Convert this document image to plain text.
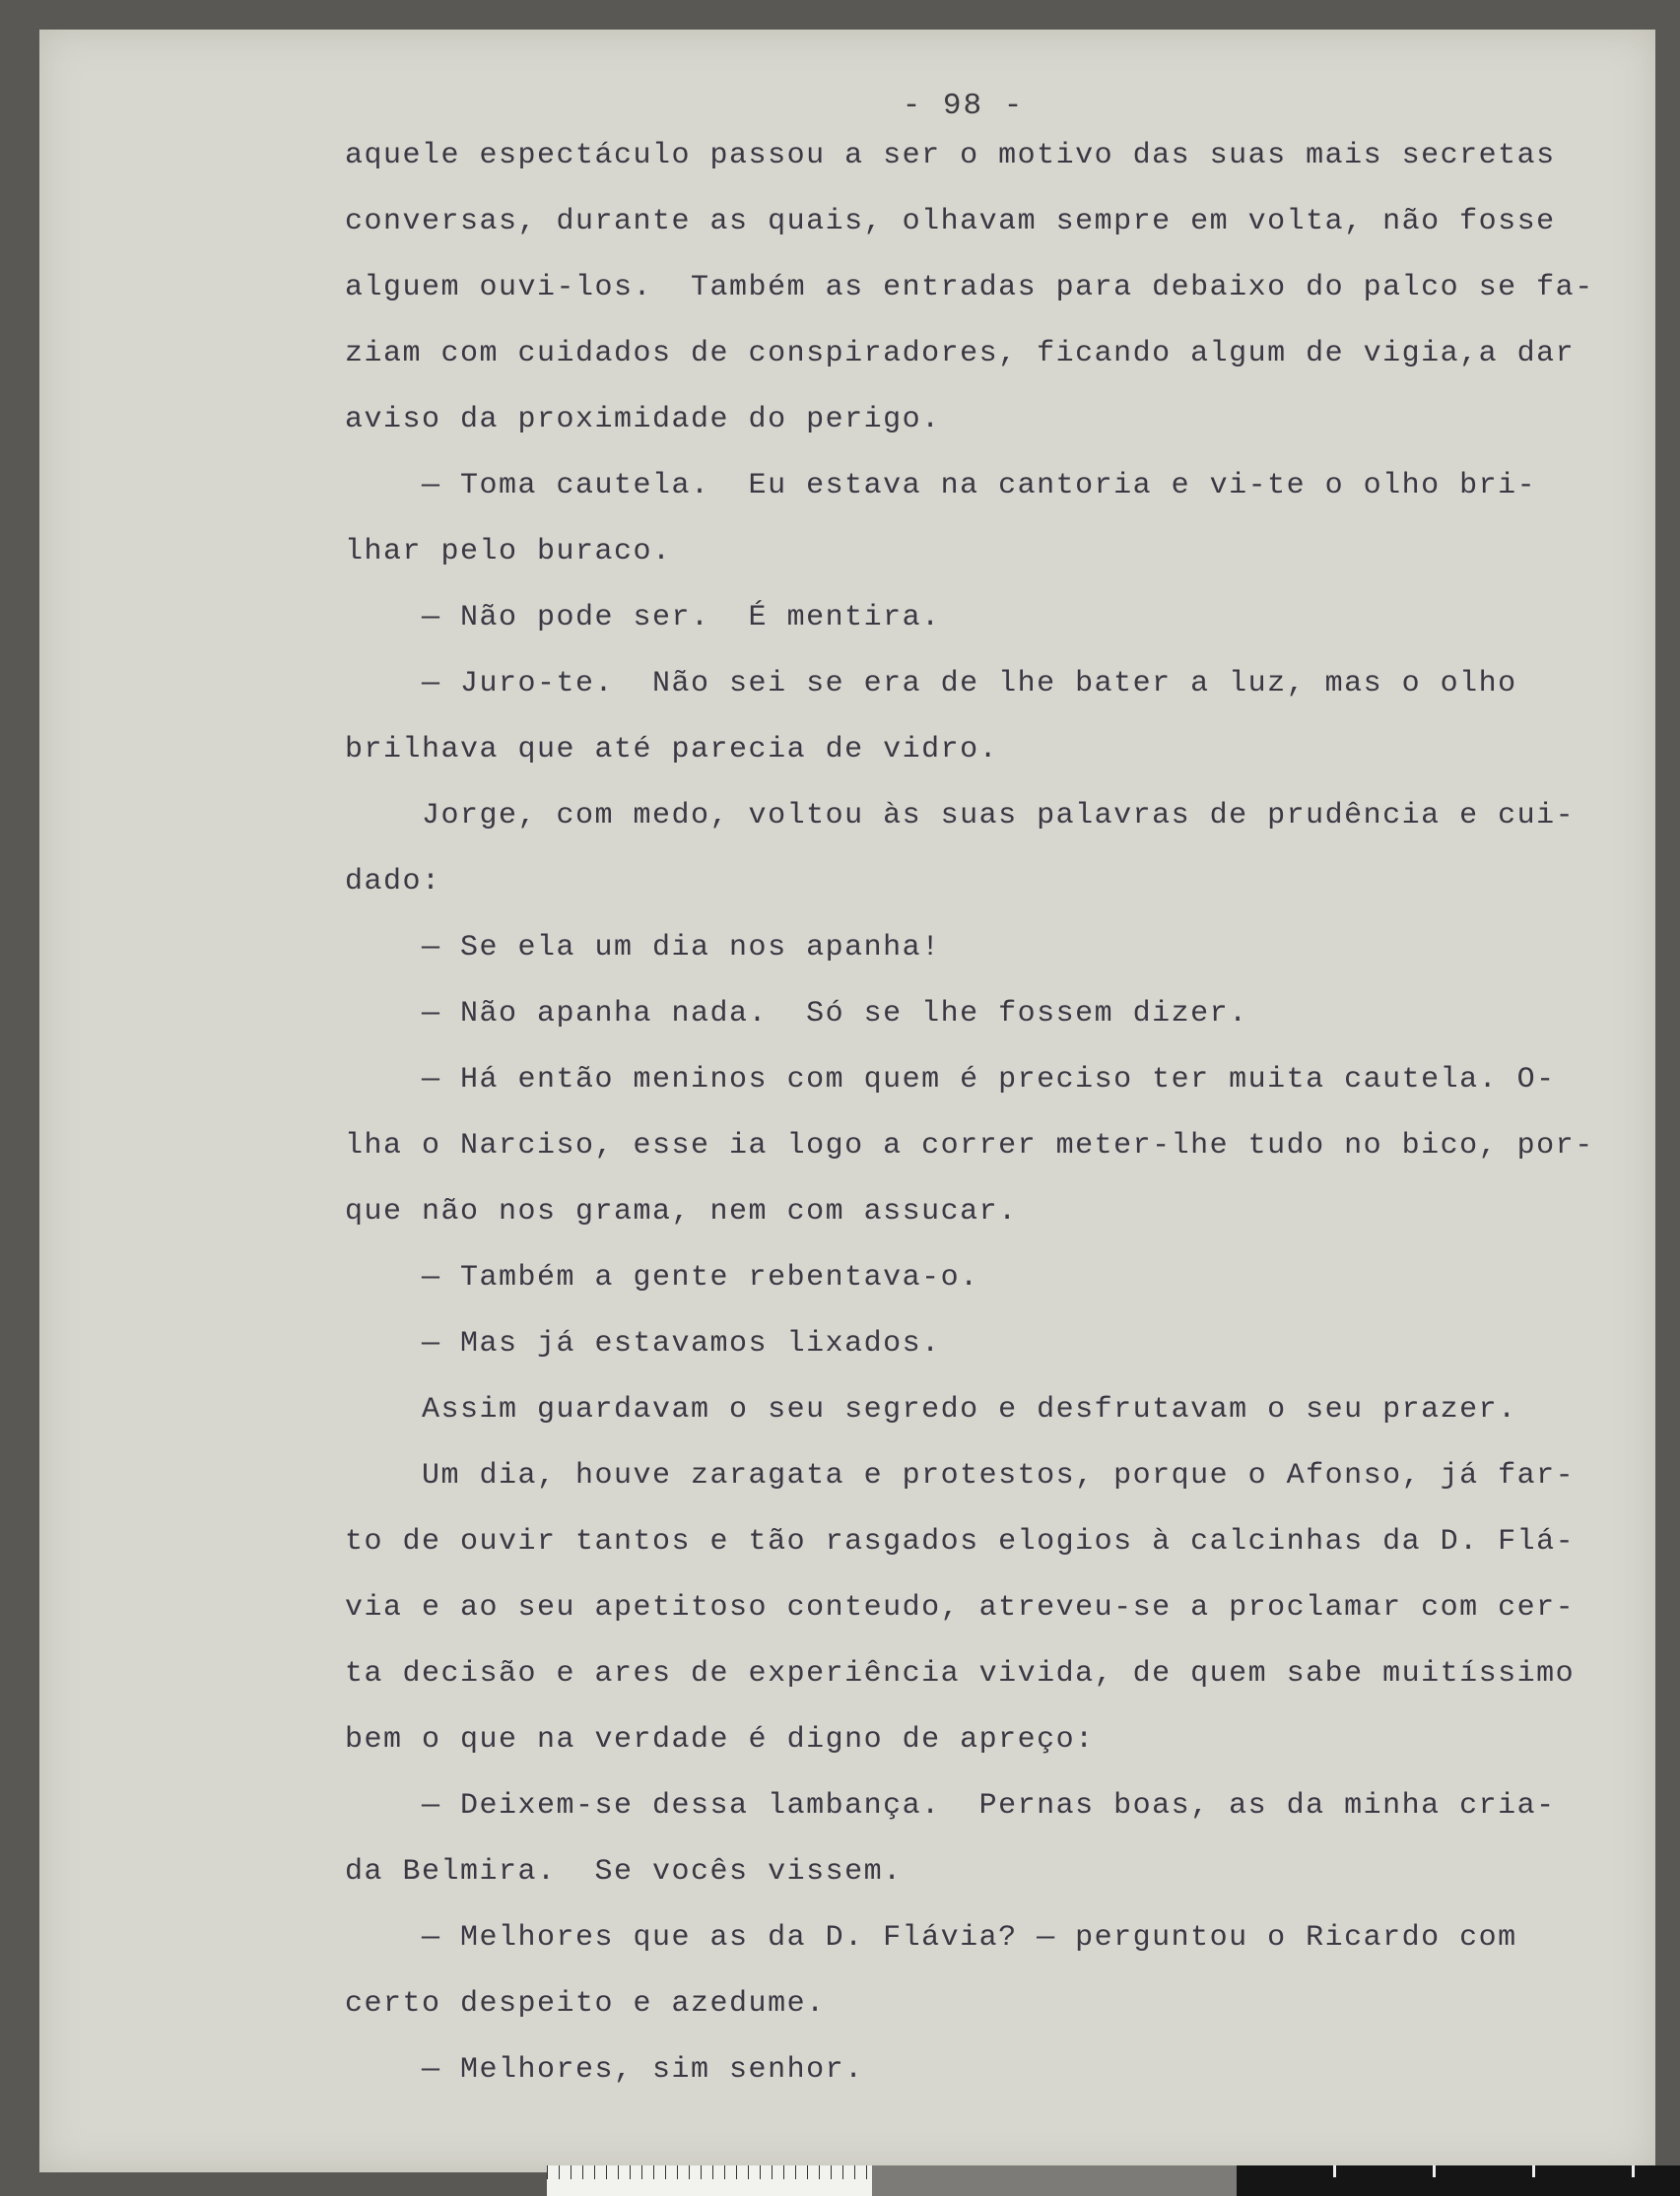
- 98 -
aquele espectáculo passou a ser o motivo das suas mais secretas
conversas, durante as quais, olhavam sempre em volta, não fosse
alguem ouvi-los.  Também as entradas para debaixo do palco se fa-
ziam com cuidados de conspiradores, ficando algum de vigia,a dar
aviso da proximidade do perigo.
— Toma cautela.  Eu estava na cantoria e vi-te o olho bri-
lhar pelo buraco.
— Não pode ser.  É mentira.
— Juro-te.  Não sei se era de lhe bater a luz, mas o olho
brilhava que até parecia de vidro.
Jorge, com medo, voltou às suas palavras de prudência e cui-
dado:
— Se ela um dia nos apanha!
— Não apanha nada.  Só se lhe fossem dizer.
— Há então meninos com quem é preciso ter muita cautela. O-
lha o Narciso, esse ia logo a correr meter-lhe tudo no bico, por-
que não nos grama, nem com assucar.
— Também a gente rebentava-o.
— Mas já estavamos lixados.
Assim guardavam o seu segredo e desfrutavam o seu prazer.
Um dia, houve zaragata e protestos, porque o Afonso, já far-
to de ouvir tantos e tão rasgados elogios à calcinhas da D. Flá-
via e ao seu apetitoso conteudo, atreveu-se a proclamar com cer-
ta decisão e ares de experiência vivida, de quem sabe muitíssimo
bem o que na verdade é digno de apreço:
— Deixem-se dessa lambança.  Pernas boas, as da minha cria-
da Belmira.  Se vocês vissem.
— Melhores que as da D. Flávia? — perguntou o Ricardo com
certo despeito e azedume.
— Melhores, sim senhor.
